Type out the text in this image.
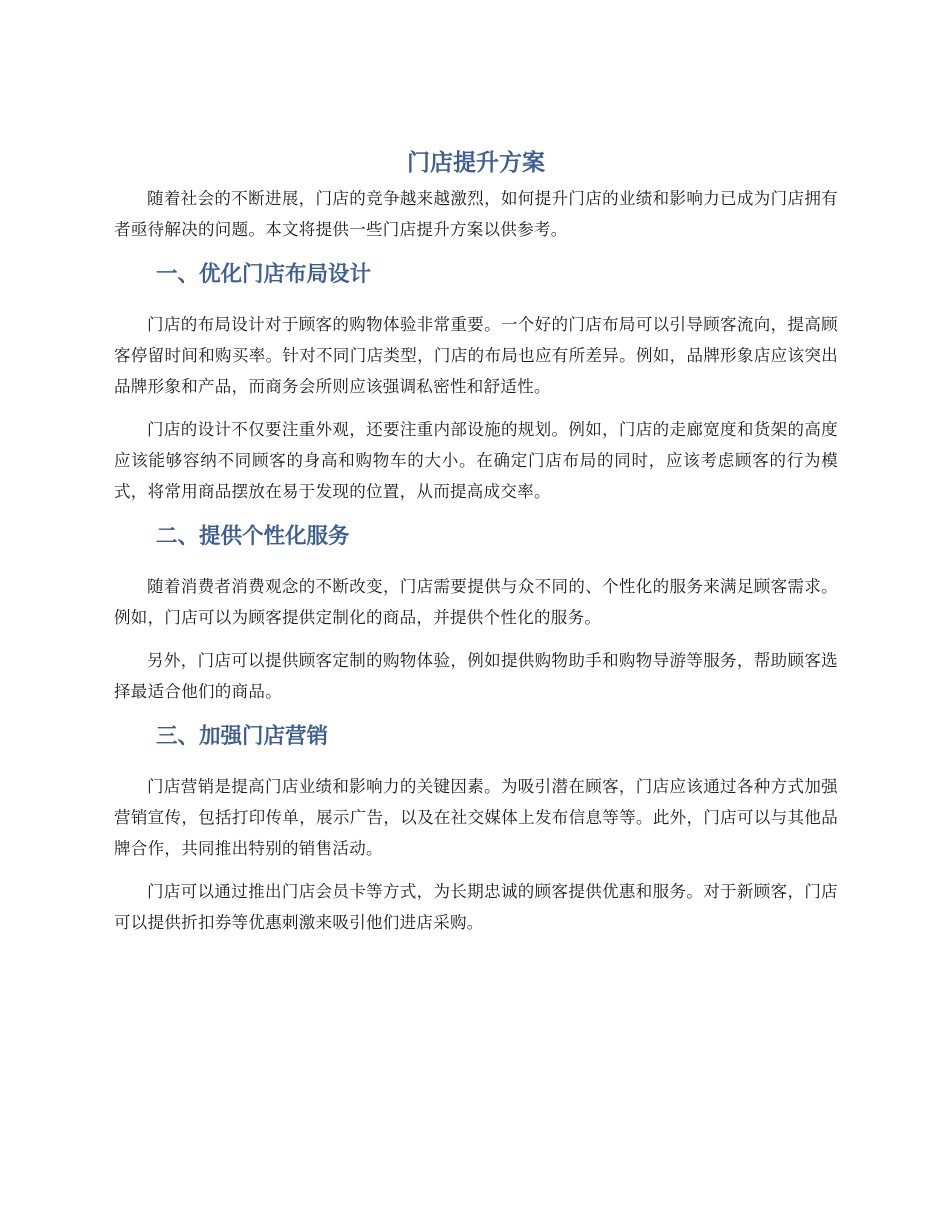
门店提升方案

随着社会的不断进展，门店的竞争越来越激烈，如何提升门店的业绩和影响力已成为门店拥有者亟待解决的问题。本文将提供一些门店提升方案以供参考。

一、优化门店布局设计

门店的布局设计对于顾客的购物体验非常重要。一个好的门店布局可以引导顾客流向，提高顾客停留时间和购买率。针对不同门店类型，门店的布局也应有所差异。例如，品牌形象店应该突出品牌形象和产品，而商务会所则应该强调私密性和舒适性。

门店的设计不仅要注重外观，还要注重内部设施的规划。例如，门店的走廊宽度和货架的高度应该能够容纳不同顾客的身高和购物车的大小。在确定门店布局的同时，应该考虑顾客的行为模式，将常用商品摆放在易于发现的位置，从而提高成交率。

二、提供个性化服务

随着消费者消费观念的不断改变，门店需要提供与众不同的、个性化的服务来满足顾客需求。例如，门店可以为顾客提供定制化的商品，并提供个性化的服务。

另外，门店可以提供顾客定制的购物体验，例如提供购物助手和购物导游等服务，帮助顾客选择最适合他们的商品。

三、加强门店营销

门店营销是提高门店业绩和影响力的关键因素。为吸引潜在顾客，门店应该通过各种方式加强营销宣传，包括打印传单，展示广告，以及在社交媒体上发布信息等等。此外，门店可以与其他品牌合作，共同推出特别的销售活动。

门店可以通过推出门店会员卡等方式，为长期忠诚的顾客提供优惠和服务。对于新顾客，门店可以提供折扣券等优惠刺激来吸引他们进店采购。
